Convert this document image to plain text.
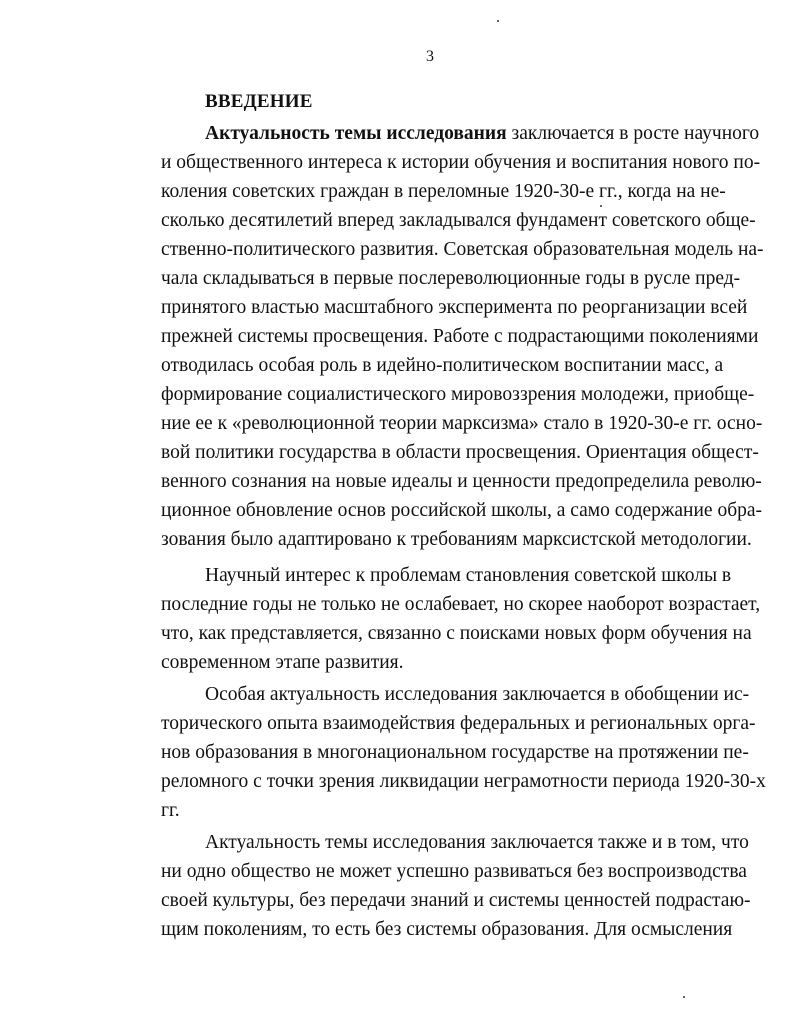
3
ВВЕДЕНИЕ
Актуальность темы исследования заключается в росте научного
и общественного интереса к истории обучения и воспитания нового по-
коления советских граждан в переломные 1920-30-е гг., когда на не-
сколько десятилетий вперед закладывался фундамент советского обще-
ственно-политического развития. Советская образовательная модель на-
чала складываться в первые послереволюционные годы в русле пред-
принятого властью масштабного эксперимента по реорганизации всей
прежней системы просвещения. Работе с подрастающими поколениями
отводилась особая роль в идейно-политическом воспитании масс, а
формирование социалистического мировоззрения молодежи, приобще-
ние ее к «революционной теории марксизма» стало в 1920-30-е гг. осно-
вой политики государства в области просвещения. Ориентация общест-
венного сознания на новые идеалы и ценности предопределила револю-
ционное обновление основ российской школы, а само содержание обра-
зования было адаптировано к требованиям марксистской методологии.
Научный интерес к проблемам становления советской школы в
последние годы не только не ослабевает, но скорее наоборот возрастает,
что, как представляется, связанно с поисками новых форм обучения на
современном этапе развития.
Особая актуальность исследования заключается в обобщении ис-
торического опыта взаимодействия федеральных и региональных орга-
нов образования в многонациональном государстве на протяжении пе-
реломного с точки зрения ликвидации неграмотности периода 1920-30-х
гг.
Актуальность темы исследования заключается также и в том, что
ни одно общество не может успешно развиваться без воспроизводства
своей культуры, без передачи знаний и системы ценностей подрастаю-
щим поколениям, то есть без системы образования. Для осмысления
